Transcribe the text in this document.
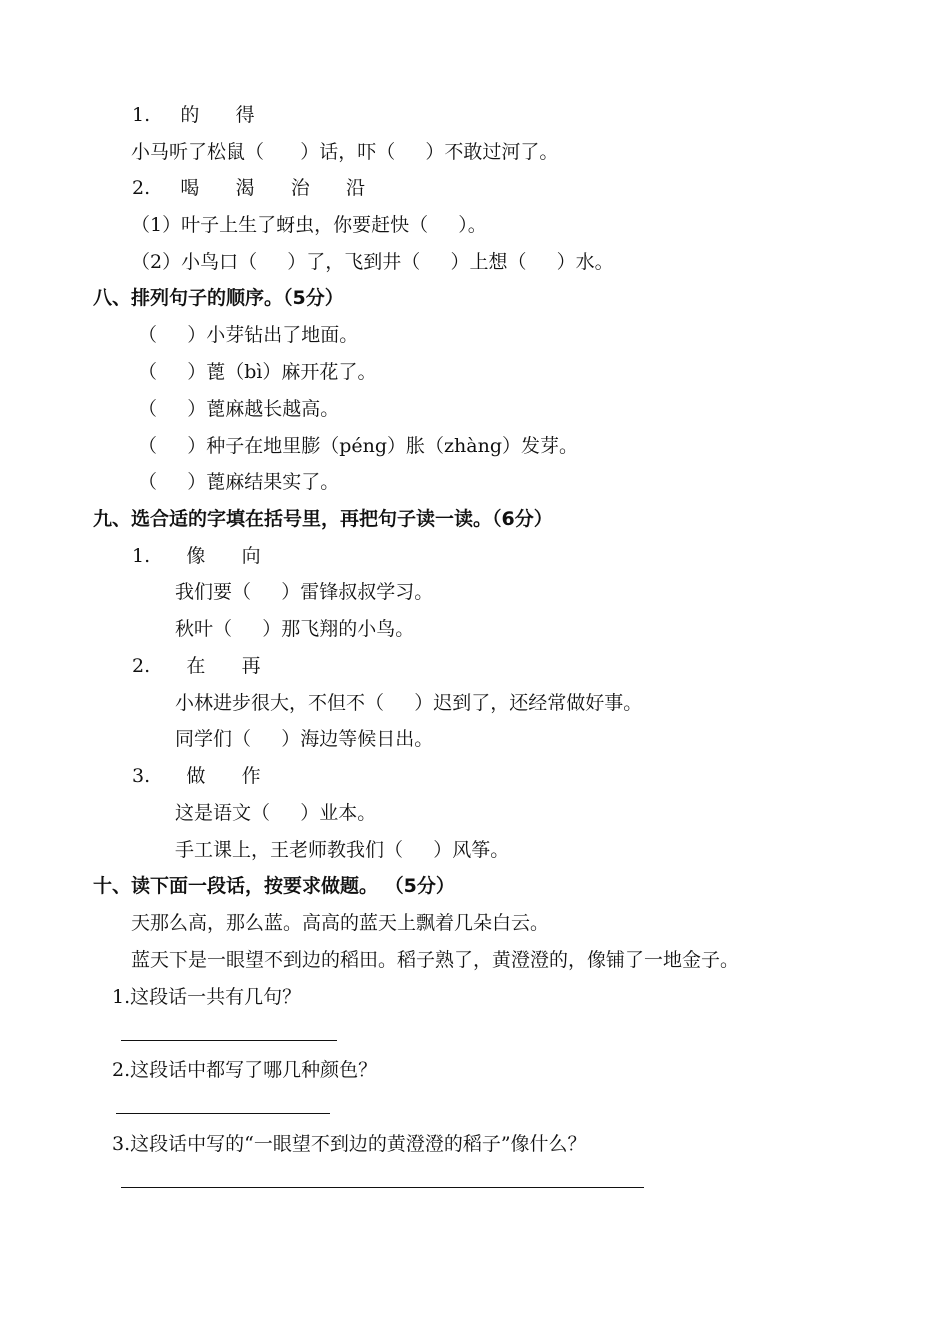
1.     的      得
小马听了松鼠（      ）话，吓（     ）不敢过河了。
2.     喝      渴      治      沿
（1）叶子上生了蚜虫，你要赶快（     ）。
（2）小鸟口（     ）了，飞到井（     ）上想（     ）水。
八、排列句子的顺序。（5分）
（     ）小芽钻出了地面。
（     ）蓖（bì）麻开花了。
（     ）蓖麻越长越高。
（     ）种子在地里膨（péng）胀（zhàng）发芽。
（     ）蓖麻结果实了。
九、选合适的字填在括号里，再把句子读一读。（6分）
1.      像      向
我们要（     ）雷锋叔叔学习。
秋叶（     ）那飞翔的小鸟。
2.      在      再
小林进步很大，不但不（     ）迟到了，还经常做好事。
同学们（     ）海边等候日出。
3.      做      作
这是语文（     ）业本。
手工课上，王老师教我们（     ）风筝。
十、读下面一段话，按要求做题。 （5分）
天那么高，那么蓝。高高的蓝天上飘着几朵白云。
蓝天下是一眼望不到边的稻田。稻子熟了，黄澄澄的，像铺了一地金子。
1.这段话一共有几句？
2.这段话中都写了哪几种颜色？
3.这段话中写的“一眼望不到边的黄澄澄的稻子”像什么？
